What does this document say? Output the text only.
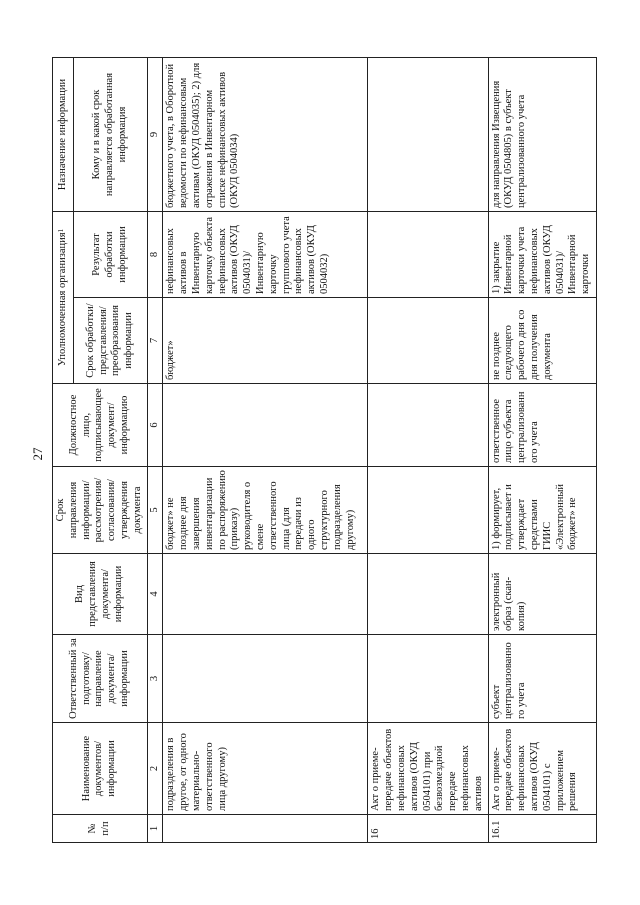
27
№ п/п	Наименование документов/ информации	Ответственный за подготовку/ направление документа/ информации	Вид представления документа/ информации	Срок направления информации/ рассмотрения/ согласования/ утверждения документа	Должностное лицо, подписывающее документ/ информацию	Уполномоченная организация$^1$		Назначение информации
						Срок обработки/ представления/ преобразования информации	Результат обработки информации	Кому и в какой срок направляется обработанная информация
1	2	3	4	5	6	7	8	9
	подразделения в другое, от одного материально-ответственного лица другому)			бюджет» не позднее дня завершения инвентаризации по распоряжению (приказу) руководителя о смене ответственного лица (для передачи из одного структурного подразделения другому)		бюджет»	нефинансовых активов в Инвентарную карточку объекта нефинансовых активов (ОКУД 0504031)/Инвентарную карточку группового учета нефинансовых активов (ОКУД 0504032)	бюджетного учета, в Оборотной ведомости по нефинансовым активам (ОКУД 0504035); 2) для отражения в Инвентарном списке нефинансовых активов (ОКУД 0504034)
16	Акт о приеме-передаче объектов нефинансовых активов (ОКУД 0504101) при безвозмездной передаче нефинансовых активов							
16.1	Акт о приеме-передаче объектов нефинансовых активов (ОКУД 0504101) с приложением решения	субъект централизованного учета	электронный образ (скан-копия)	1) формирует, подписывает и утверждает средствами ГИИС «Электронный бюджет» не	ответственное лицо субъекта централизованного учета	не позднее следующего рабочего дня со дня получения документа	1) закрытие Инвентарной карточки учета нефинансовых активов (ОКУД 0504031)/Инвентарной карточки	для направления Извещения (ОКУД 0504805) в субъект централизованного учета
